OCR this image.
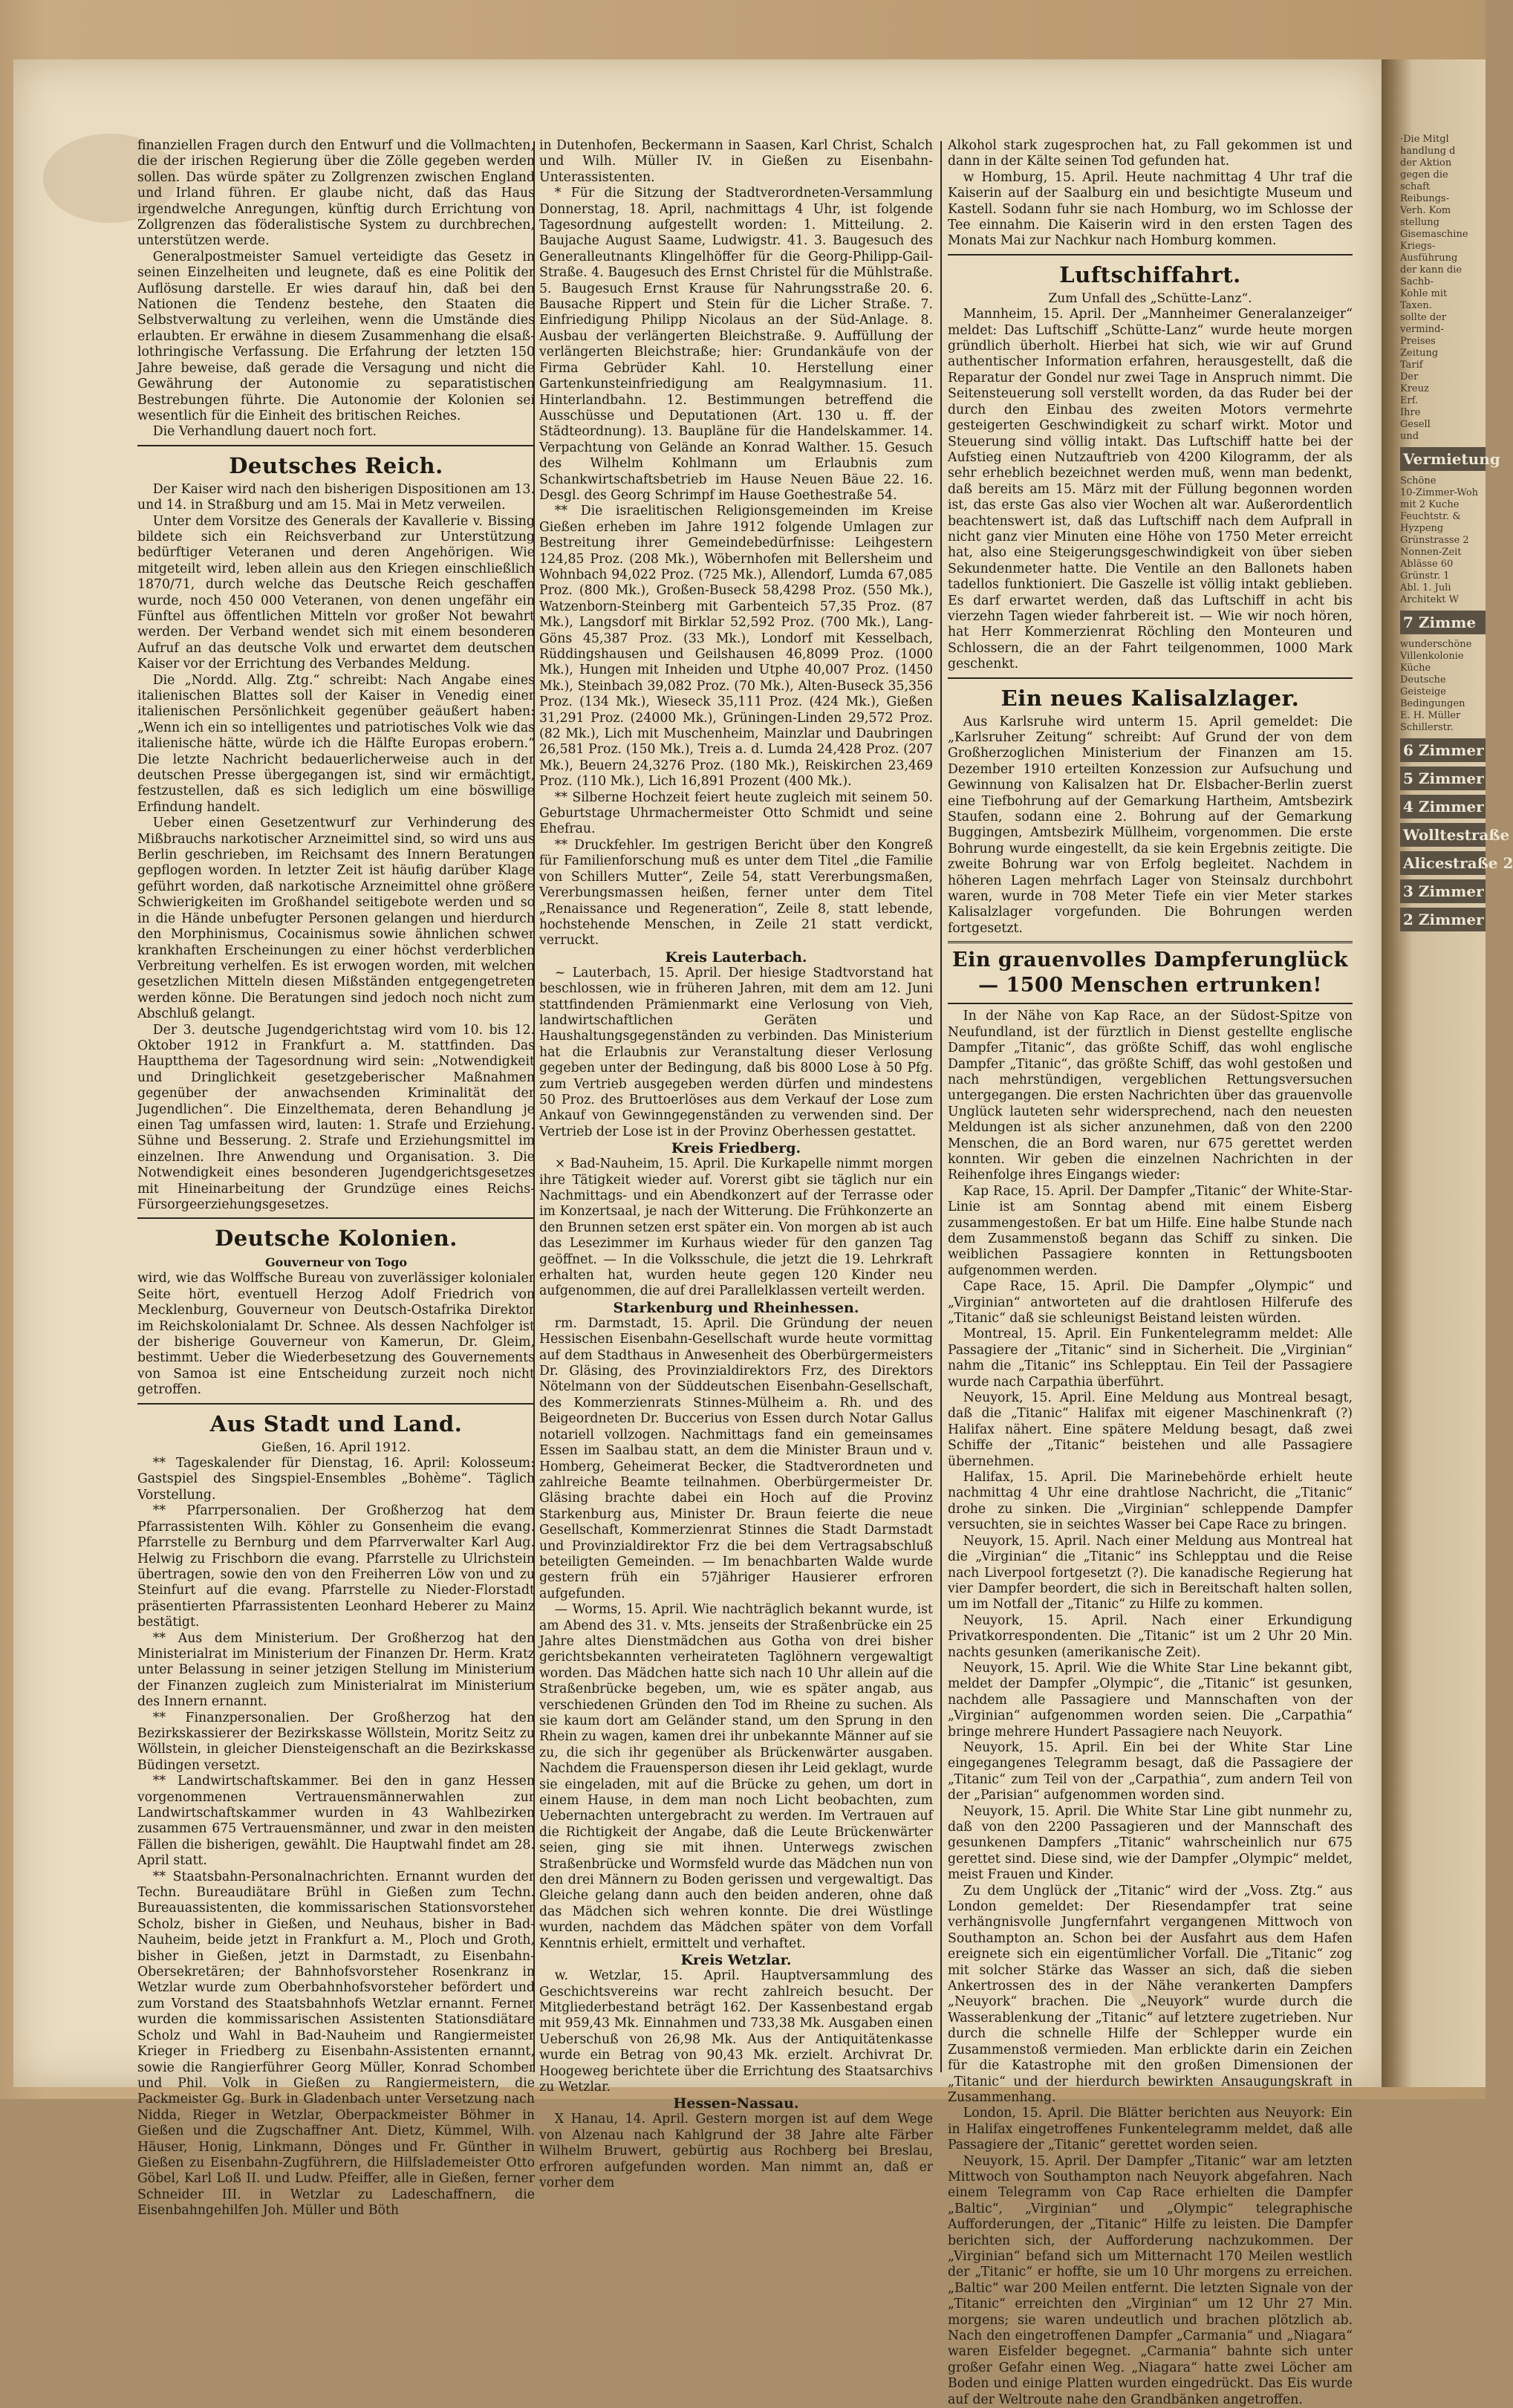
finanziellen Fragen durch den Entwurf und die Vollmachten, die der irischen Regierung über die Zölle gegeben werden sollen. Das würde später zu Zollgrenzen zwischen England und Irland führen. Er glaube nicht, daß das Haus irgendwelche Anregungen, künftig durch Errichtung von Zollgrenzen das föderalistische System zu durchbrechen, unterstützen werde.

Generalpostmeister Samuel verteidigte das Gesetz in seinen Einzelheiten und leugnete, daß es eine Politik der Auflösung darstelle. Er wies darauf hin, daß bei den Nationen die Tendenz bestehe, den Staaten die Selbstverwaltung zu verleihen, wenn die Umstände dies erlaubten. Er erwähne in diesem Zusammenhang die elsaß-lothringische Verfassung. Die Erfahrung der letzten 150 Jahre beweise, daß gerade die Versagung und nicht die Gewährung der Autonomie zu separatistischen Bestrebungen führte. Die Autonomie der Kolonien sei wesentlich für die Einheit des britischen Reiches.

Die Verhandlung dauert noch fort.

Deutsches Reich.

Der Kaiser wird nach den bisherigen Dispositionen am 13. und 14. in Straßburg und am 15. Mai in Metz verweilen.

Unter dem Vorsitze des Generals der Kavallerie v. Bissing bildete sich ein Reichsverband zur Unterstützung bedürftiger Veteranen und deren Angehörigen. Wie mitgeteilt wird, leben allein aus den Kriegen einschließlich 1870/71, durch welche das Deutsche Reich geschaffen wurde, noch 450 000 Veteranen, von denen ungefähr ein Fünftel aus öffentlichen Mitteln vor großer Not bewahrt werden. Der Verband wendet sich mit einem besonderen Aufruf an das deutsche Volk und erwartet dem deutschen Kaiser vor der Errichtung des Verbandes Meldung.

Die „Nordd. Allg. Ztg.“ schreibt: Nach Angabe eines italienischen Blattes soll der Kaiser in Venedig einer italienischen Persönlichkeit gegenüber geäußert haben: „Wenn ich ein so intelligentes und patriotisches Volk wie das italienische hätte, würde ich die Hälfte Europas erobern.“ Die letzte Nachricht bedauerlicherweise auch in der deutschen Presse übergegangen ist, sind wir ermächtigt, festzustellen, daß es sich lediglich um eine böswillige Erfindung handelt.

Ueber einen Gesetzentwurf zur Verhinderung des Mißbrauchs narkotischer Arzneimittel sind, so wird uns aus Berlin geschrieben, im Reichsamt des Innern Beratungen gepflogen worden. In letzter Zeit ist häufig darüber Klage geführt worden, daß narkotische Arzneimittel ohne größere Schwierigkeiten im Großhandel seitigebote werden und so in die Hände unbefugter Personen gelangen und hierdurch den Morphinismus, Cocainismus sowie ähnlichen schwer krankhaften Erscheinungen zu einer höchst verderblichen Verbreitung verhelfen. Es ist erwogen worden, mit welchen gesetzlichen Mitteln diesen Mißständen entgegengetreten werden könne. Die Beratungen sind jedoch noch nicht zum Abschluß gelangt.

Der 3. deutsche Jugendgerichtstag wird vom 10. bis 12. Oktober 1912 in Frankfurt a. M. stattfinden. Das Hauptthema der Tagesordnung wird sein: „Notwendigkeit und Dringlichkeit gesetzgeberischer Maßnahmen gegenüber der anwachsenden Kriminalität der Jugendlichen“. Die Einzelthemata, deren Behandlung je einen Tag umfassen wird, lauten: 1. Strafe und Erziehung. Sühne und Besserung. 2. Strafe und Erziehungsmittel im einzelnen. Ihre Anwendung und Organisation. 3. Die Notwendigkeit eines besonderen Jugendgerichtsgesetzes mit Hineinarbeitung der Grundzüge eines Reichs-Fürsorgeerziehungsgesetzes.

Deutsche Kolonien.
Gouverneur von Togo

wird, wie das Wolffsche Bureau von zuverlässiger kolonialer Seite hört, eventuell Herzog Adolf Friedrich von Mecklenburg, Gouverneur von Deutsch-Ostafrika Direktor im Reichskolonialamt Dr. Schnee. Als dessen Nachfolger ist der bisherige Gouverneur von Kamerun, Dr. Gleim, bestimmt. Ueber die Wiederbesetzung des Gouvernements von Samoa ist eine Entscheidung zurzeit noch nicht getroffen.

Aus Stadt und Land.
Gießen, 16. April 1912.

** Tageskalender für Dienstag, 16. April: Kolosseum: Gastspiel des Singspiel-Ensembles „Bohème“. Täglich Vorstellung.

** Pfarrpersonalien. Der Großherzog hat dem Pfarrassistenten Wilh. Köhler zu Gonsenheim die evang. Pfarrstelle zu Bernburg und dem Pfarrverwalter Karl Aug. Helwig zu Frischborn die evang. Pfarrstelle zu Ulrichstein übertragen, sowie den von den Freiherren Löw von und zu Steinfurt auf die evang. Pfarrstelle zu Nieder-Florstadt präsentierten Pfarrassistenten Leonhard Heberer zu Mainz bestätigt.

** Aus dem Ministerium. Der Großherzog hat den Ministerialrat im Ministerium der Finanzen Dr. Herm. Kratz unter Belassung in seiner jetzigen Stellung im Ministerium der Finanzen zugleich zum Ministerialrat im Ministerium des Innern ernannt.

** Finanzpersonalien. Der Großherzog hat den Bezirkskassierer der Bezirkskasse Wöllstein, Moritz Seitz zu Wöllstein, in gleicher Diensteigenschaft an die Bezirkskasse Büdingen versetzt.

** Landwirtschaftskammer. Bei den in ganz Hessen vorgenommenen Vertrauensmännerwahlen zur Landwirtschaftskammer wurden in 43 Wahlbezirken zusammen 675 Vertrauensmänner, und zwar in den meisten Fällen die bisherigen, gewählt. Die Hauptwahl findet am 28. April statt.

** Staatsbahn-Personalnachrichten. Ernannt wurden der Techn. Bureaudiätare Brühl in Gießen zum Techn. Bureauassistenten, die kommissarischen Stationsvorsteher Scholz, bisher in Gießen, und Neuhaus, bisher in Bad-Nauheim, beide jetzt in Frankfurt a. M., Ploch und Groth, bisher in Gießen, jetzt in Darmstadt, zu Eisenbahn-Obersekretären; der Bahnhofsvorsteher Rosenkranz in Wetzlar wurde zum Oberbahnhofsvorsteher befördert und zum Vorstand des Staatsbahnhofs Wetzlar ernannt. Ferner wurden die kommissarischen Assistenten Stationsdiätare Scholz und Wahl in Bad-Nauheim und Rangiermeister Krieger in Friedberg zu Eisenbahn-Assistenten ernannt, sowie die Rangierführer Georg Müller, Konrad Schomber und Phil. Volk in Gießen zu Rangiermeistern, die Packmeister Gg. Burk in Gladenbach unter Versetzung nach Nidda, Rieger in Wetzlar, Oberpackmeister Böhmer in Gießen und die Zugschaffner Ant. Dietz, Kümmel, Wilh. Häuser, Honig, Linkmann, Dönges und Fr. Günther in Gießen zu Eisenbahn-Zugführern, die Hilfslademeister Otto Göbel, Karl Loß II. und Ludw. Pfeiffer, alle in Gießen, ferner Schneider III. in Wetzlar zu Ladeschaffnern, die Eisenbahngehilfen Joh. Müller und Böth

in Dutenhofen, Beckermann in Saasen, Karl Christ, Schalch und Wilh. Müller IV. in Gießen zu Eisenbahn-Unterassistenten.

* Für die Sitzung der Stadtverordneten-Versammlung Donnerstag, 18. April, nachmittags 4 Uhr, ist folgende Tagesordnung aufgestellt worden: 1. Mitteilung. 2. Baujache August Saame, Ludwigstr. 41. 3. Baugesuch des Generalleutnants Klingelhöffer für die Georg-Philipp-Gail-Straße. 4. Baugesuch des Ernst Christel für die Mühlstraße. 5. Baugesuch Ernst Krause für Nahrungsstraße 20. 6. Bausache Rippert und Stein für die Licher Straße. 7. Einfriedigung Philipp Nicolaus an der Süd-Anlage. 8. Ausbau der verlängerten Bleichstraße. 9. Auffüllung der verlängerten Bleichstraße; hier: Grundankäufe von der Firma Gebrüder Kahl. 10. Herstellung einer Gartenkunsteinfriedigung am Realgymnasium. 11. Hinterlandbahn. 12. Bestimmungen betreffend die Ausschüsse und Deputationen (Art. 130 u. ff. der Städteordnung). 13. Baupläne für die Handelskammer. 14. Verpachtung von Gelände an Konrad Walther. 15. Gesuch des Wilhelm Kohlmann um Erlaubnis zum Schankwirtschaftsbetrieb im Hause Neuen Bäue 22. 16. Desgl. des Georg Schrimpf im Hause Goethestraße 54.

** Die israelitischen Religionsgemeinden im Kreise Gießen erheben im Jahre 1912 folgende Umlagen zur Bestreitung ihrer Gemeindebedürfnisse: Leihgestern 124,85 Proz. (208 Mk.), Wöbernhofen mit Bellersheim und Wohnbach 94,022 Proz. (725 Mk.), Allendorf, Lumda 67,085 Proz. (800 Mk.), Großen-Buseck 58,4298 Proz. (550 Mk.), Watzenborn-Steinberg mit Garbenteich 57,35 Proz. (87 Mk.), Langsdorf mit Birklar 52,592 Proz. (700 Mk.), Lang-Göns 45,387 Proz. (33 Mk.), Londorf mit Kesselbach, Rüddingshausen und Geilshausen 46,8099 Proz. (1000 Mk.), Hungen mit Inheiden und Utphe 40,007 Proz. (1450 Mk.), Steinbach 39,082 Proz. (70 Mk.), Alten-Buseck 35,356 Proz. (134 Mk.), Wieseck 35,111 Proz. (424 Mk.), Gießen 31,291 Proz. (24000 Mk.), Grüningen-Linden 29,572 Proz. (82 Mk.), Lich mit Muschenheim, Mainzlar und Daubringen 26,581 Proz. (150 Mk.), Treis a. d. Lumda 24,428 Proz. (207 Mk.), Beuern 24,3276 Proz. (180 Mk.), Reiskirchen 23,469 Proz. (110 Mk.), Lich 16,891 Prozent (400 Mk.).

** Silberne Hochzeit feiert heute zugleich mit seinem 50. Geburtstage Uhrmachermeister Otto Schmidt und seine Ehefrau.

** Druckfehler. Im gestrigen Bericht über den Kongreß für Familienforschung muß es unter dem Titel „die Familie von Schillers Mutter“, Zeile 54, statt Vererbungsmaßen, Vererbungsmassen heißen, ferner unter dem Titel „Renaissance und Regeneration“, Zeile 8, statt lebende, hochstehende Menschen, in Zeile 21 statt verdickt, verruckt.

Kreis Lauterbach.

~ Lauterbach, 15. April. Der hiesige Stadtvorstand hat beschlossen, wie in früheren Jahren, mit dem am 12. Juni stattfindenden Prämienmarkt eine Verlosung von Vieh, landwirtschaftlichen Geräten und Haushaltungsgegenständen zu verbinden. Das Ministerium hat die Erlaubnis zur Veranstaltung dieser Verlosung gegeben unter der Bedingung, daß bis 8000 Lose à 50 Pfg. zum Vertrieb ausgegeben werden dürfen und mindestens 50 Proz. des Bruttoerlöses aus dem Verkauf der Lose zum Ankauf von Gewinngegenständen zu verwenden sind. Der Vertrieb der Lose ist in der Provinz Oberhessen gestattet.

Kreis Friedberg.

× Bad-Nauheim, 15. April. Die Kurkapelle nimmt morgen ihre Tätigkeit wieder auf. Vorerst gibt sie täglich nur ein Nachmittags- und ein Abendkonzert auf der Terrasse oder im Konzertsaal, je nach der Witterung. Die Frühkonzerte an den Brunnen setzen erst später ein. Von morgen ab ist auch das Lesezimmer im Kurhaus wieder für den ganzen Tag geöffnet. — In die Volksschule, die jetzt die 19. Lehrkraft erhalten hat, wurden heute gegen 120 Kinder neu aufgenommen, die auf drei Parallelklassen verteilt werden.

Starkenburg und Rheinhessen.

rm. Darmstadt, 15. April. Die Gründung der neuen Hessischen Eisenbahn-Gesellschaft wurde heute vormittag auf dem Stadthaus in Anwesenheit des Oberbürgermeisters Dr. Gläsing, des Provinzialdirektors Frz, des Direktors Nötelmann von der Süddeutschen Eisenbahn-Gesellschaft, des Kommerzienrats Stinnes-Mülheim a. Rh. und des Beigeordneten Dr. Buccerius von Essen durch Notar Gallus notariell vollzogen. Nachmittags fand ein gemeinsames Essen im Saalbau statt, an dem die Minister Braun und v. Homberg, Geheimerat Becker, die Stadtverordneten und zahlreiche Beamte teilnahmen. Oberbürgermeister Dr. Gläsing brachte dabei ein Hoch auf die Provinz Starkenburg aus, Minister Dr. Braun feierte die neue Gesellschaft, Kommerzienrat Stinnes die Stadt Darmstadt und Provinzialdirektor Frz die bei dem Vertragsabschluß beteiligten Gemeinden. — Im benachbarten Walde wurde gestern früh ein 57jähriger Hausierer erfroren aufgefunden.

— Worms, 15. April. Wie nachträglich bekannt wurde, ist am Abend des 31. v. Mts. jenseits der Straßenbrücke ein 25 Jahre altes Dienstmädchen aus Gotha von drei bisher gerichtsbekannten verheirateten Taglöhnern vergewaltigt worden. Das Mädchen hatte sich nach 10 Uhr allein auf die Straßenbrücke begeben, um, wie es später angab, aus verschiedenen Gründen den Tod im Rheine zu suchen. Als sie kaum dort am Geländer stand, um den Sprung in den Rhein zu wagen, kamen drei ihr unbekannte Männer auf sie zu, die sich ihr gegenüber als Brückenwärter ausgaben. Nachdem die Frauensperson diesen ihr Leid geklagt, wurde sie eingeladen, mit auf die Brücke zu gehen, um dort in einem Hause, in dem man noch Licht beobachten, zum Uebernachten untergebracht zu werden. Im Vertrauen auf die Richtigkeit der Angabe, daß die Leute Brückenwärter seien, ging sie mit ihnen. Unterwegs zwischen Straßenbrücke und Wormsfeld wurde das Mädchen nun von den drei Männern zu Boden gerissen und vergewaltigt. Das Gleiche gelang dann auch den beiden anderen, ohne daß das Mädchen sich wehren konnte. Die drei Wüstlinge wurden, nachdem das Mädchen später von dem Vorfall Kenntnis erhielt, ermittelt und verhaftet.

Kreis Wetzlar.

w. Wetzlar, 15. April. Hauptversammlung des Geschichtsvereins war recht zahlreich besucht. Der Mitgliederbestand beträgt 162. Der Kassenbestand ergab mit 959,43 Mk. Einnahmen und 733,38 Mk. Ausgaben einen Ueberschuß von 26,98 Mk. Aus der Antiquitätenkasse wurde ein Betrag von 90,43 Mk. erzielt. Archivrat Dr. Hoogeweg berichtete über die Errichtung des Staatsarchivs zu Wetzlar.

Hessen-Nassau.

X Hanau, 14. April. Gestern morgen ist auf dem Wege von Alzenau nach Kahlgrund der 38 Jahre alte Färber Wilhelm Bruwert, gebürtig aus Rochberg bei Breslau, erfroren aufgefunden worden. Man nimmt an, daß er vorher dem

Alkohol stark zugesprochen hat, zu Fall gekommen ist und dann in der Kälte seinen Tod gefunden hat.

w Homburg, 15. April. Heute nachmittag 4 Uhr traf die Kaiserin auf der Saalburg ein und besichtigte Museum und Kastell. Sodann fuhr sie nach Homburg, wo im Schlosse der Tee einnahm. Die Kaiserin wird in den ersten Tagen des Monats Mai zur Nachkur nach Homburg kommen.

Luftschiffahrt.
Zum Unfall des „Schütte-Lanz“.

Mannheim, 15. April. Der „Mannheimer Generalanzeiger“ meldet: Das Luftschiff „Schütte-Lanz“ wurde heute morgen gründlich überholt. Hierbei hat sich, wie wir auf Grund authentischer Information erfahren, herausgestellt, daß die Reparatur der Gondel nur zwei Tage in Anspruch nimmt. Die Seitensteuerung soll verstellt worden, da das Ruder bei der durch den Einbau des zweiten Motors vermehrte gesteigerten Geschwindigkeit zu scharf wirkt. Motor und Steuerung sind völlig intakt. Das Luftschiff hatte bei der Aufstieg einen Nutzauftrieb von 4200 Kilogramm, der als sehr erheblich bezeichnet werden muß, wenn man bedenkt, daß bereits am 15. März mit der Füllung begonnen worden ist, das erste Gas also vier Wochen alt war. Außerordentlich beachtenswert ist, daß das Luftschiff nach dem Aufprall in nicht ganz vier Minuten eine Höhe von 1750 Meter erreicht hat, also eine Steigerungsgeschwindigkeit von über sieben Sekundenmeter hatte. Die Ventile an den Ballonets haben tadellos funktioniert. Die Gaszelle ist völlig intakt geblieben. Es darf erwartet werden, daß das Luftschiff in acht bis vierzehn Tagen wieder fahrbereit ist. — Wie wir noch hören, hat Herr Kommerzienrat Röchling den Monteuren und Schlossern, die an der Fahrt teilgenommen, 1000 Mark geschenkt.

Ein neues Kalisalzlager.

Aus Karlsruhe wird unterm 15. April gemeldet: Die „Karlsruher Zeitung“ schreibt: Auf Grund der von dem Großherzoglichen Ministerium der Finanzen am 15. Dezember 1910 erteilten Konzession zur Aufsuchung und Gewinnung von Kalisalzen hat Dr. Elsbacher-Berlin zuerst eine Tiefbohrung auf der Gemarkung Hartheim, Amtsbezirk Staufen, sodann eine 2. Bohrung auf der Gemarkung Buggingen, Amtsbezirk Müllheim, vorgenommen. Die erste Bohrung wurde eingestellt, da sie kein Ergebnis zeitigte. Die zweite Bohrung war von Erfolg begleitet. Nachdem in höheren Lagen mehrfach Lager von Steinsalz durchbohrt waren, wurde in 708 Meter Tiefe ein vier Meter starkes Kalisalzlager vorgefunden. Die Bohrungen werden fortgesetzt.

Ein grauenvolles Dampferunglück — 1500 Menschen ertrunken!

In der Nähe von Kap Race, an der Südost-Spitze von Neufundland, ist der fürztlich in Dienst gestellte englische Dampfer „Titanic“, das größte Schiff, das wohl englische Dampfer „Titanic“, das größte Schiff, das wohl gestoßen und nach mehrstündigen, vergeblichen Rettungsversuchen untergegangen. Die ersten Nachrichten über das grauenvolle Unglück lauteten sehr widersprechend, nach den neuesten Meldungen ist als sicher anzunehmen, daß von den 2200 Menschen, die an Bord waren, nur 675 gerettet werden konnten. Wir geben die einzelnen Nachrichten in der Reihenfolge ihres Eingangs wieder:

Kap Race, 15. April. Der Dampfer „Titanic“ der White-Star-Linie ist am Sonntag abend mit einem Eisberg zusammengestoßen. Er bat um Hilfe. Eine halbe Stunde nach dem Zusammenstoß begann das Schiff zu sinken. Die weiblichen Passagiere konnten in Rettungsbooten aufgenommen werden.

Cape Race, 15. April. Die Dampfer „Olympic“ und „Virginian“ antworteten auf die drahtlosen Hilferufe des „Titanic“ daß sie schleunigst Beistand leisten würden.

Montreal, 15. April. Ein Funkentelegramm meldet: Alle Passagiere der „Titanic“ sind in Sicherheit. Die „Virginian“ nahm die „Titanic“ ins Schlepptau. Ein Teil der Passagiere wurde nach Carpathia überführt.

Neuyork, 15. April. Eine Meldung aus Montreal besagt, daß die „Titanic“ Halifax mit eigener Maschinenkraft (?) Halifax nähert. Eine spätere Meldung besagt, daß zwei Schiffe der „Titanic“ beistehen und alle Passagiere übernehmen.

Halifax, 15. April. Die Marinebehörde erhielt heute nachmittag 4 Uhr eine drahtlose Nachricht, die „Titanic“ drohe zu sinken. Die „Virginian“ schleppende Dampfer versuchten, sie in seichtes Wasser bei Cape Race zu bringen.

Neuyork, 15. April. Nach einer Meldung aus Montreal hat die „Virginian“ die „Titanic“ ins Schlepptau und die Reise nach Liverpool fortgesetzt (?). Die kanadische Regierung hat vier Dampfer beordert, die sich in Bereitschaft halten sollen, um im Notfall der „Titanic“ zu Hilfe zu kommen.

Neuyork, 15. April. Nach einer Erkundigung Privatkorrespondenten. Die „Titanic“ ist um 2 Uhr 20 Min. nachts gesunken (amerikanische Zeit).

Neuyork, 15. April. Wie die White Star Line bekannt gibt, meldet der Dampfer „Olympic“, die „Titanic“ ist gesunken, nachdem alle Passagiere und Mannschaften von der „Virginian“ aufgenommen worden seien. Die „Carpathia“ bringe mehrere Hundert Passagiere nach Neuyork.

Neuyork, 15. April. Ein bei der White Star Line eingegangenes Telegramm besagt, daß die Passagiere der „Titanic“ zum Teil von der „Carpathia“, zum andern Teil von der „Parisian“ aufgenommen worden sind.

Neuyork, 15. April. Die White Star Line gibt nunmehr zu, daß von den 2200 Passagieren und der Mannschaft des gesunkenen Dampfers „Titanic“ wahrscheinlich nur 675 gerettet sind. Diese sind, wie der Dampfer „Olympic“ meldet, meist Frauen und Kinder.

Zu dem Unglück der „Titanic“ wird der „Voss. Ztg.“ aus London gemeldet: Der Riesendampfer trat seine verhängnisvolle Jungfernfahrt vergangenen Mittwoch von Southampton an. Schon bei der Ausfahrt aus dem Hafen ereignete sich ein eigentümlicher Vorfall. Die „Titanic“ zog mit solcher Stärke das Wasser an sich, daß die sieben Ankertrossen des in der Nähe verankerten Dampfers „Neuyork“ brachen. Die „Neuyork“ wurde durch die Wasserablenkung der „Titanic“ auf letztere zugetrieben. Nur durch die schnelle Hilfe der Schlepper wurde ein Zusammenstoß vermieden. Man erblickte darin ein Zeichen für die Katastrophe mit den großen Dimensionen der „Titanic“ und der hierdurch bewirkten Ansaugungskraft in Zusammenhang.

London, 15. April. Die Blätter berichten aus Neuyork: Ein in Halifax eingetroffenes Funkentelegramm meldet, daß alle Passagiere der „Titanic“ gerettet worden seien.

Neuyork, 15. April. Der Dampfer „Titanic“ war am letzten Mittwoch von Southampton nach Neuyork abgefahren. Nach einem Telegramm von Cap Race erhielten die Dampfer „Baltic“, „Virginian“ und „Olympic“ telegraphische Aufforderungen, der „Titanic“ Hilfe zu leisten. Die Dampfer berichten sich, der Aufforderung nachzukommen. Der „Virginian“ befand sich um Mitternacht 170 Meilen westlich der „Titanic“ er hoffte, sie um 10 Uhr morgens zu erreichen. „Baltic“ war 200 Meilen entfernt. Die letzten Signale von der „Titanic“ erreichten den „Virginian“ um 12 Uhr 27 Min. morgens; sie waren undeutlich und brachen plötzlich ab. Nach den eingetroffenen Dampfer „Carmania“ und „Niagara“ waren Eisfelder begegnet. „Carmania“ bahnte sich unter großer Gefahr einen Weg. „Niagara“ hatte zwei Löcher am Boden und einige Platten wurden eingedrückt. Das Eis wurde auf der Weltroute nahe den Grandbänken angetroffen.

·Die Mitgl
handlung d
der Aktion
gegen die
schaft
Reibungs-
Verh. Kom
stellung
Gisemaschine
Kriegs-
Ausführung
der kann die
Sachb-
Kohle mit
Taxen.
sollte der
vermind-
Preises
Zeitung
Tarif
Der
Kreuz
Erf.
Ihre
Gesell
und
Vermietung
Schöne
10-Zimmer-Woh
mit 2 Kuche
Feuchtstr. &
Hyzpeng
Grünstrasse 2
Nonnen-Zeit
Ablässe 60
Grünstr. 1
Abl. 1. Juli
Architekt W
7 Zimme
wunderschöne
Villenkolonie
Küche
Deutsche
Geisteige
Bedingungen
E. H. Müller
Schillerstr.
6 Zimmer
5 Zimmer
4 Zimmer
Wolltestraße
Alicestraße 2
3 Zimmer
2 Zimmer
